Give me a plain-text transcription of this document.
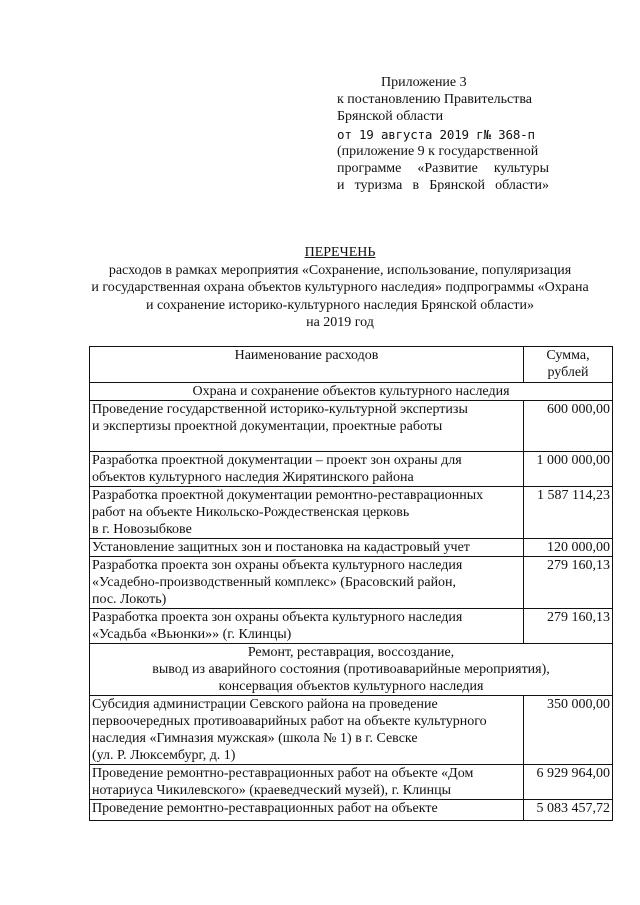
Приложение 3
к постановлению Правительства
Брянской области
от 19 августа 2019 г№ 368-п
(приложение 9 к государственной
программе «Развитие культуры
и туризма в Брянской области»
ПЕРЕЧЕНЬ
расходов в рамках мероприятия «Сохранение, использование, популяризация
и государственная охрана объектов культурного наследия» подпрограммы «Охрана
и сохранение историко-культурного наследия Брянской области»
на 2019 год
Наименование расходов	Сумма,
рублей

Охрана и сохранение объектов культурного наследия	

Проведение государственной историко-культурной экспертизы
и экспертизы проектной документации, проектные работы	600 000,00

Разработка проектной документации – проект зон охраны для
объектов культурного наследия Жирятинского района	1 000 000,00

Разработка проектной документации ремонтно-реставрационных
работ на объекте Никольско-Рождественская церковь
в г. Новозыбкове	1 587 114,23

Установление защитных зон и постановка на кадастровый учет	120 000,00

Разработка проекта зон охраны объекта культурного наследия
«Усадебно-производственный комплекс» (Брасовский район,
пос. Локоть)	279 160,13

Разработка проекта зон охраны объекта культурного наследия
«Усадьба «Вьюнки»» (г. Клинцы)	279 160,13

Ремонт, реставрация, воссоздание,
вывод из аварийного состояния (противоаварийные мероприятия),
консервация объектов культурного наследия	

Субсидия администрации Севского района на проведение
первоочередных противоаварийных работ на объекте культурного
наследия «Гимназия мужская» (школа № 1) в г. Севске
(ул. Р. Люксембург, д. 1)	350 000,00

Проведение ремонтно-реставрационных работ на объекте «Дом
нотариуса Чикилевского» (краеведческий музей), г. Клинцы	6 929 964,00

Проведение ремонтно-реставрационных работ на объекте	5 083 457,72
